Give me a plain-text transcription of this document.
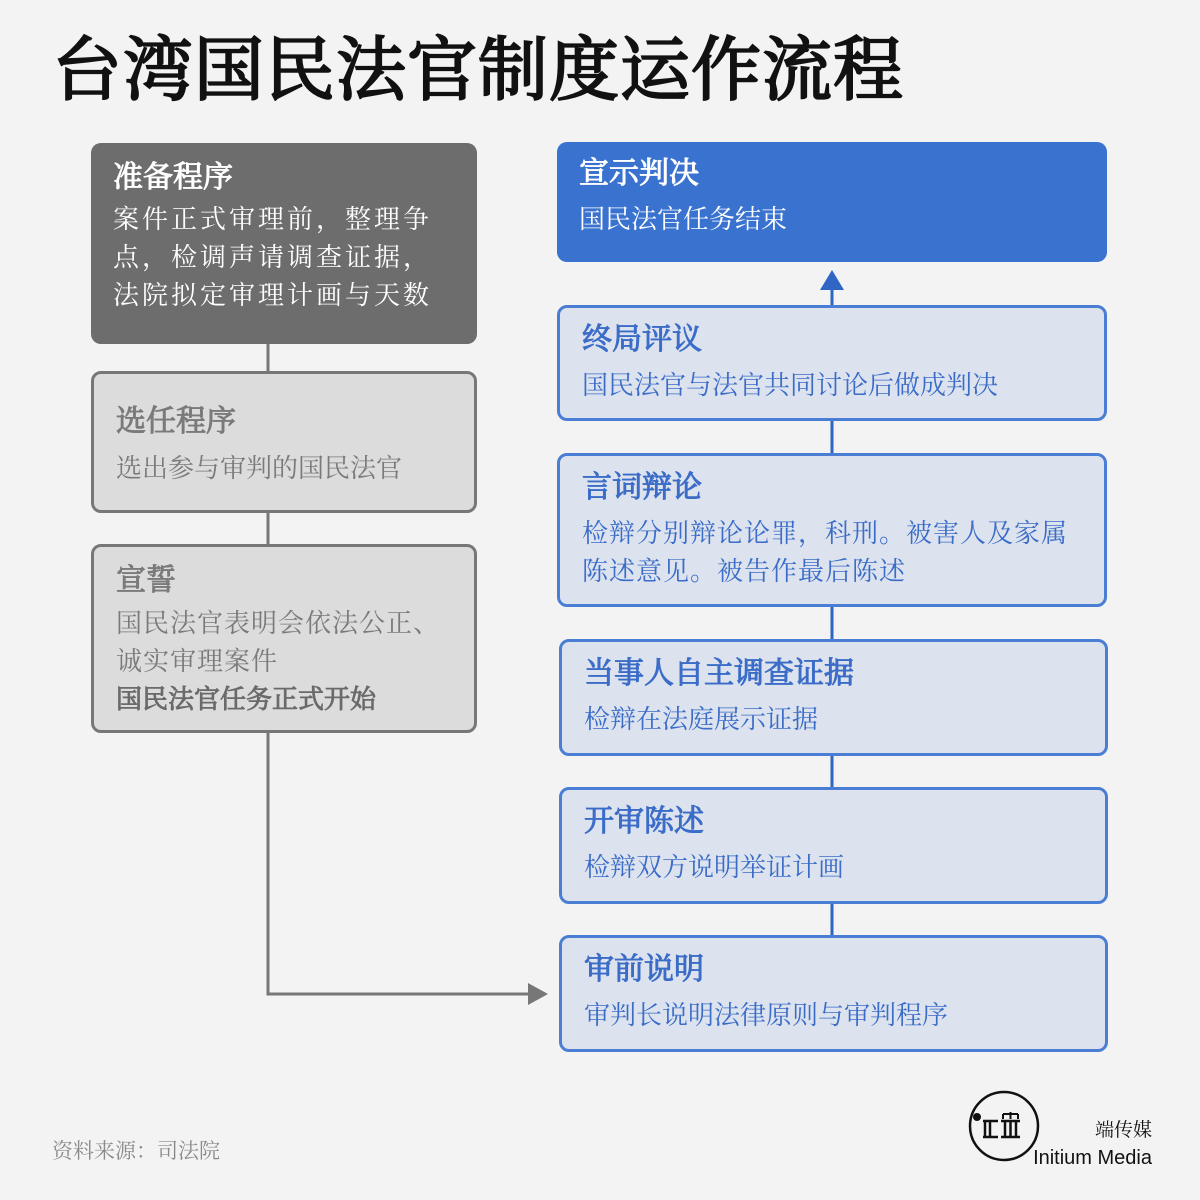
台湾国民法官制度运作流程
准备程序
案件正式审理前，整理争点，检调声请调查证据，法院拟定审理计画与天数
选任程序
选出参与审判的国民法官
宣誓
国民法官表明会依法公正、诚实审理案件
国民法官任务正式开始
宣示判决
国民法官任务结束
终局评议
国民法官与法官共同讨论后做成判决
言词辩论
检辩分别辩论论罪，科刑。被害人及家属陈述意见。被告作最后陈述
当事人自主调查证据
检辩在法庭展示证据
开审陈述
检辩双方说明举证计画
审前说明
审判长说明法律原则与审判程序
资料来源：司法院
端传媒
Initium Media
